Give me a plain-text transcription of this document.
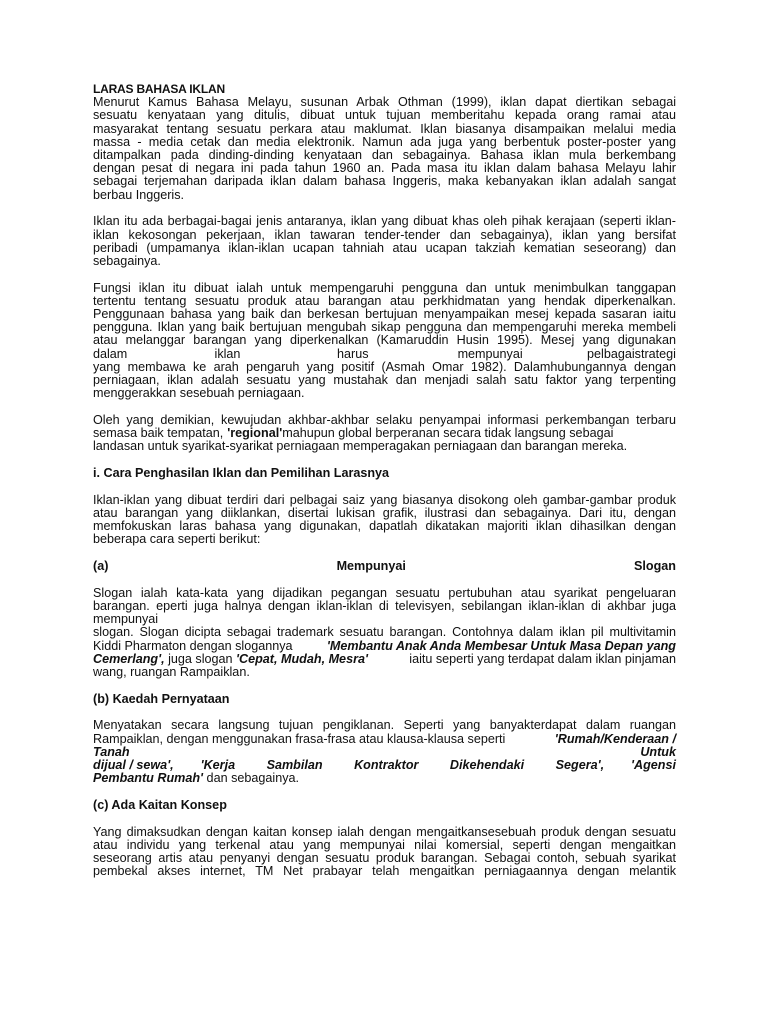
LARAS BAHASA IKLAN

Menurut Kamus Bahasa Melayu, susunan Arbak Othman (1999), iklan dapat diertikan sebagai

sesuatu kenyataan yang ditulis, dibuat untuk tujuan memberitahu kepada orang ramai atau

masyarakat tentang sesuatu perkara atau maklumat. Iklan biasanya disampaikan melalui media

massa - media cetak dan media elektronik. Namun ada juga yang berbentuk poster-poster yang

ditampalkan pada dinding-dinding kenyataan dan sebagainya. Bahasa iklan mula berkembang

dengan pesat di negara ini pada tahun 1960 an. Pada masa itu iklan dalam bahasa Melayu lahir

sebagai terjemahan daripada iklan dalam bahasa Inggeris, maka kebanyakan iklan adalah sangat

berbau Inggeris.

Iklan itu ada berbagai-bagai jenis antaranya, iklan yang dibuat khas oleh pihak kerajaan (seperti iklan-

iklan kekosongan pekerjaan, iklan tawaran tender-tender dan sebagainya), iklan yang bersifat

peribadi (umpamanya iklan-iklan ucapan tahniah atau ucapan takziah kematian seseorang) dan

sebagainya.

Fungsi iklan itu dibuat ialah untuk mempengaruhi pengguna dan untuk menimbulkan tanggapan

tertentu tentang sesuatu produk atau barangan atau perkhidmatan yang hendak diperkenalkan.

Penggunaan bahasa yang baik dan berkesan bertujuan menyampaikan mesej kepada sasaran iaitu

pengguna. Iklan yang baik bertujuan mengubah sikap pengguna dan mempengaruhi mereka membeli

atau melanggar barangan yang diperkenalkan (Kamaruddin Husin 1995). Mesej yang digunakan

dalam	iklan	harus	mempunyai	pelbagai strategi

yang membawa ke arah pengaruh yang positif (Asmah Omar 1982). Dalamhubungannya dengan

perniagaan, iklan adalah sesuatu yang mustahak dan menjadi salah satu faktor yang terpenting

menggerakkan sesebuah perniagaan.

Oleh yang demikian, kewujudan akhbar-akhbar selaku penyampai informasi perkembangan terbaru

semasa baik tempatan, 'regional'mahupun global berperanan secara tidak langsung sebagai

landasan untuk syarikat-syarikat perniagaan memperagakan perniagaan dan barangan mereka.

i. Cara Penghasilan Iklan dan Pemilihan Larasnya

Iklan-iklan yang dibuat terdiri dari pelbagai saiz yang biasanya disokong oleh gambar-gambar produk

atau barangan yang diiklankan, disertai lukisan grafik, ilustrasi dan sebagainya. Dari itu, dengan

memfokuskan laras bahasa yang digunakan, dapatlah dikatakan majoriti iklan dihasilkan dengan

beberapa cara seperti berikut:

(a)	Mempunyai	Slogan

Slogan ialah kata-kata yang dijadikan pegangan sesuatu pertubuhan atau syarikat pengeluaran

barangan. eperti juga halnya dengan iklan-iklan di televisyen, sebilangan iklan-iklan di akhbar juga

mempunyai

slogan. Slogan dicipta sebagai trademark sesuatu barangan. Contohnya dalam iklan pil multivitamin

Kiddi Pharmaton dengan slogannya	'Membantu Anak Anda Membesar Untuk Masa Depan yang

Cemerlang', juga slogan 'Cepat, Mudah, Mesra'	iaitu seperti yang terdapat dalam iklan pinjaman

wang, ruangan Rampaiklan.

(b) Kaedah Pernyataan

Menyatakan secara langsung tujuan pengiklanan. Seperti yang banyakterdapat dalam ruangan

Rampaiklan, dengan menggunakan frasa-frasa atau klausa-klausa seperti	'Rumah/Kenderaan /

Tanah	Untuk

dijual / sewa', 'Kerja Sambilan Kontraktor Dikehendaki Segera', 'Agensi

Pembantu Rumah' dan sebagainya.

(c) Ada Kaitan Konsep

Yang dimaksudkan dengan kaitan konsep ialah dengan mengaitkansesebuah produk dengan sesuatu

atau individu yang terkenal atau yang mempunyai nilai komersial, seperti dengan mengaitkan

seseorang artis atau penyanyi dengan sesuatu produk barangan. Sebagai contoh, sebuah syarikat

pembekal akses internet, TM Net prabayar telah mengaitkan perniagaannya dengan melantik
